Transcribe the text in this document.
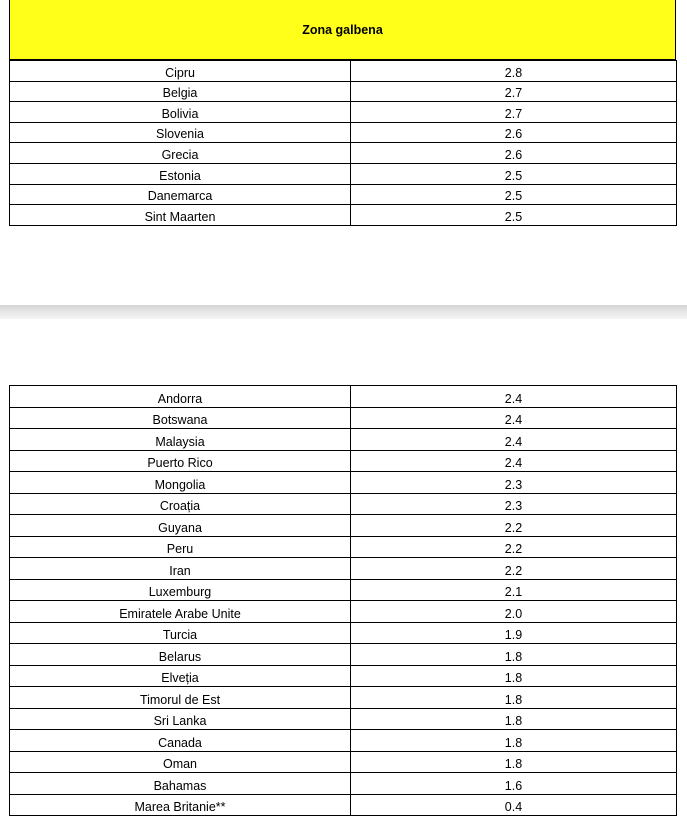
Zona galbena
Cipru	2.8
Belgia	2.7
Bolivia	2.7
Slovenia	2.6
Grecia	2.6
Estonia	2.5
Danemarca	2.5
Sint Maarten	2.5
Andorra	2.4
Botswana	2.4
Malaysia	2.4
Puerto Rico	2.4
Mongolia	2.3
Croația	2.3
Guyana	2.2
Peru	2.2
Iran	2.2
Luxemburg	2.1
Emiratele Arabe Unite	2.0
Turcia	1.9
Belarus	1.8
Elveția	1.8
Timorul de Est	1.8
Sri Lanka	1.8
Canada	1.8
Oman	1.8
Bahamas	1.6
Marea Britanie**	0.4
